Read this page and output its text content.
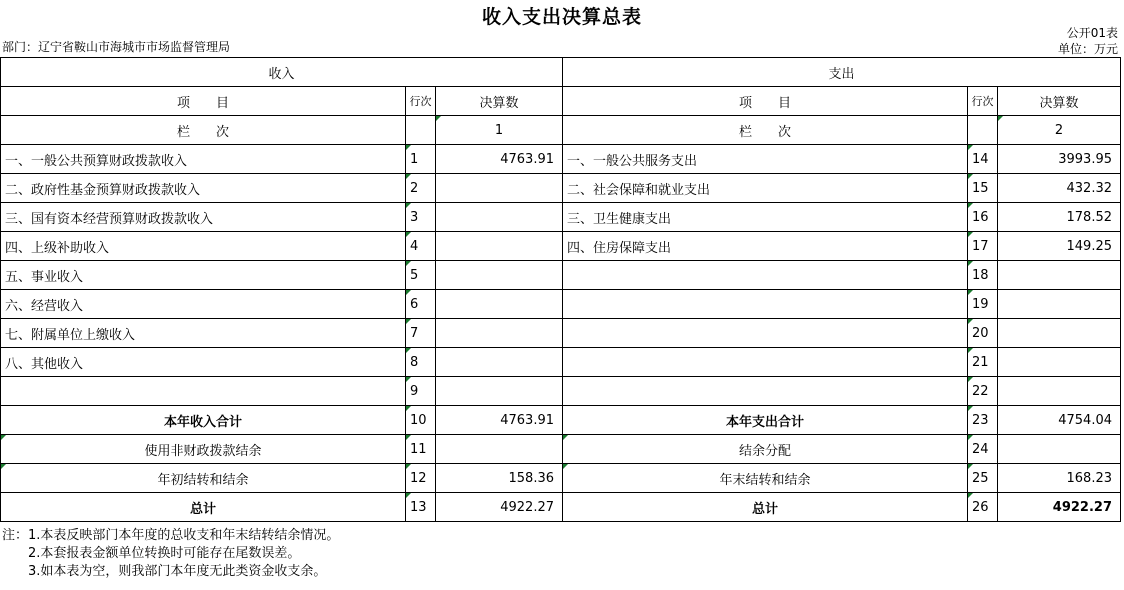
收入支出决算总表
公开01表
单位：万元
部门：辽宁省鞍山市海城市市场监督管理局
收入			支出		
项　　目	行次	决算数	项　　目	行次	决算数
栏　　次		1	栏　　次		2
一、一般公共预算财政拨款收入	1	4763.91	一、一般公共服务支出	14	3993.95
二、政府性基金预算财政拨款收入	2		二、社会保障和就业支出	15	432.32
三、国有资本经营预算财政拨款收入	3		三、卫生健康支出	16	178.52
四、上级补助收入	4		四、住房保障支出	17	149.25
五、事业收入	5			18	
六、经营收入	6			19	
七、附属单位上缴收入	7			20	
八、其他收入	8			21	
	9			22	
本年收入合计	10	4763.91	本年支出合计	23	4754.04
使用非财政拨款结余	11		结余分配	24	
年初结转和结余	12	158.36	年末结转和结余	25	168.23
总计	13	4922.27	总计	26	4922.27
注：1.本表反映部门本年度的总收支和年末结转结余情况。
　　2.本套报表金额单位转换时可能存在尾数误差。
　　3.如本表为空，则我部门本年度无此类资金收支余。
